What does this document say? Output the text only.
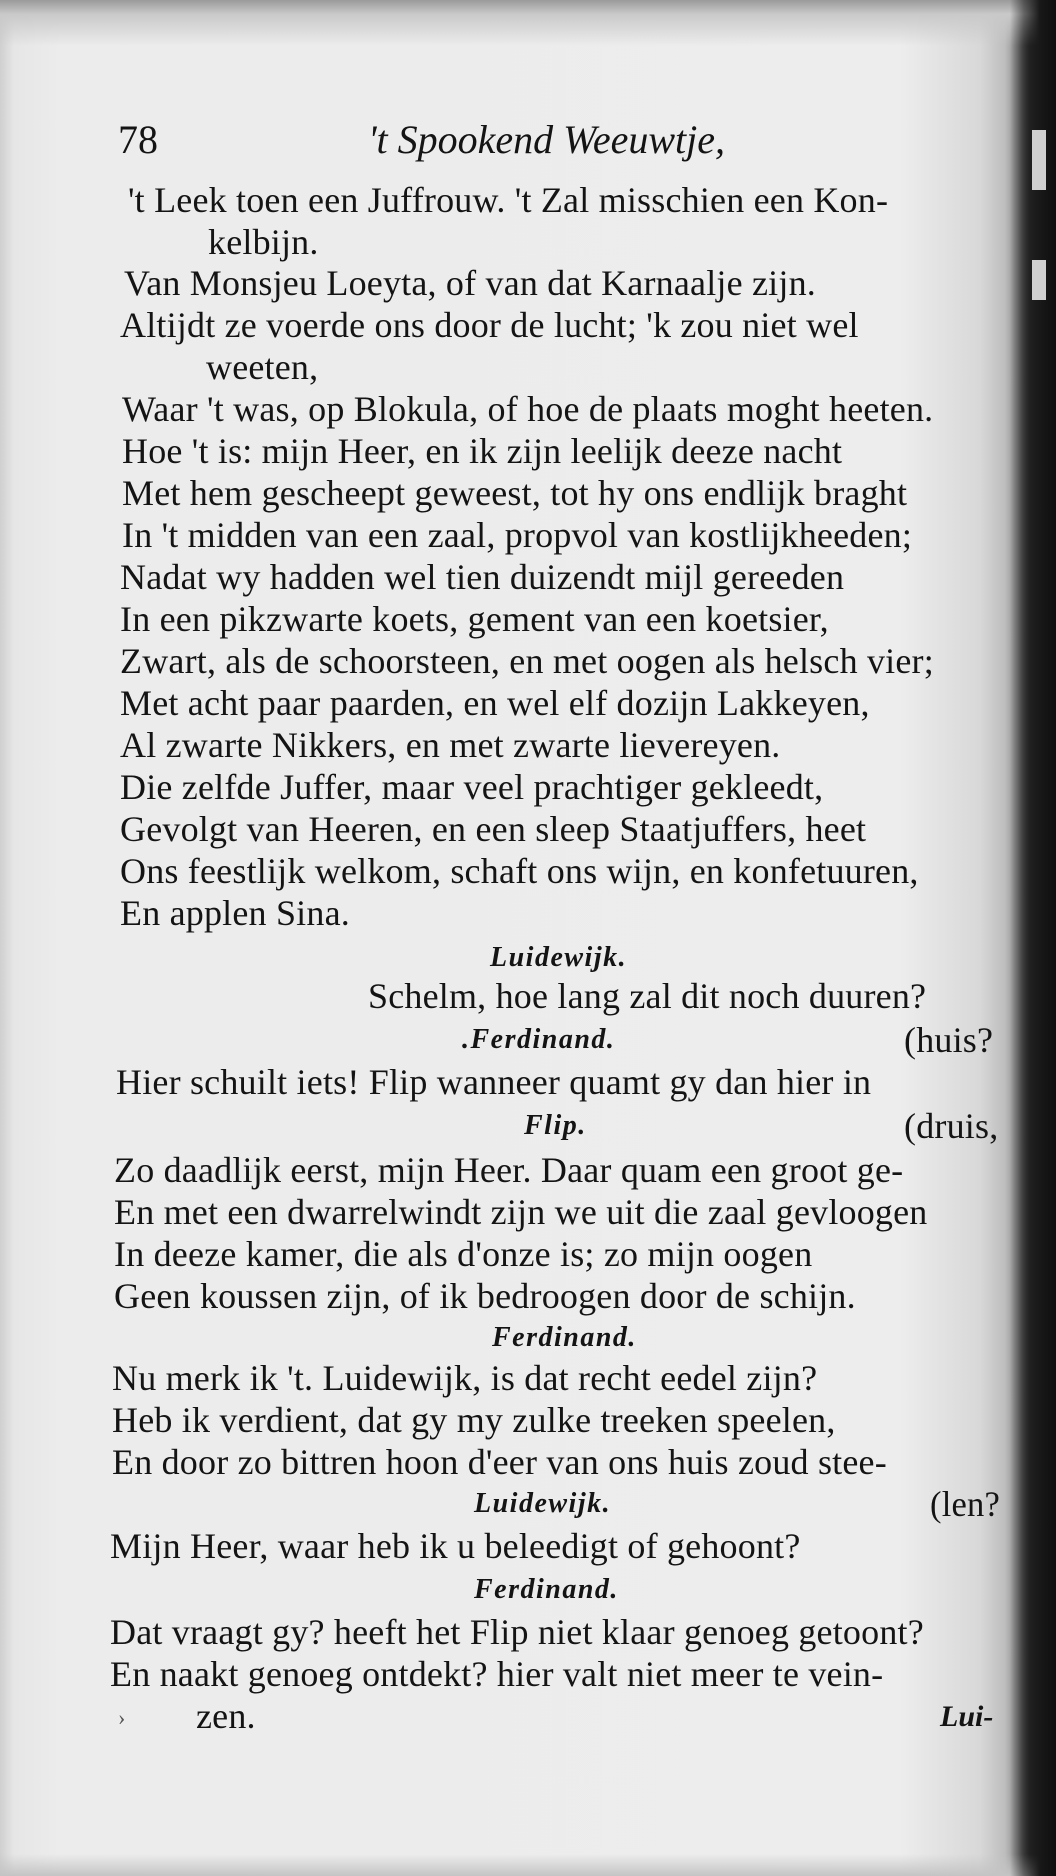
78	't Spookend Weeuwtje,
't Leek toen een Juffrouw. 't Zal misschien een Kon-
kelbijn.
Van Monsjeu Loeyta, of van dat Karnaalje zijn.
Altijdt ze voerde ons door de lucht; 'k zou niet wel
weeten,
Waar 't was, op Blokula, of hoe de plaats moght heeten.
Hoe 't is: mijn Heer, en ik zijn leelijk deeze nacht
Met hem gescheept geweest, tot hy ons endlijk braght
In 't midden van een zaal, propvol van kostlijkheeden;
Nadat wy hadden wel tien duizendt mijl gereeden
In een pikzwarte koets, gement van een koetsier,
Zwart, als de schoorsteen, en met oogen als helsch vier;
Met acht paar paarden, en wel elf dozijn Lakkeyen,
Al zwarte Nikkers, en met zwarte lievereyen.
Die zelfde Juffer, maar veel prachtiger gekleedt,
Gevolgt van Heeren, en een sleep Staatjuffers, heet
Ons feestlijk welkom, schaft ons wijn, en konfetuuren,
En applen Sina.
Luidewijk.
Schelm, hoe lang zal dit noch duuren?
.Ferdinand.	(huis?
Hier schuilt iets! Flip wanneer quamt gy dan hier in
Flip.	(druis,
Zo daadlijk eerst, mijn Heer. Daar quam een groot ge-
En met een dwarrelwindt zijn we uit die zaal gevloogen
In deeze kamer, die als d'onze is; zo mijn oogen
Geen koussen zijn, of ik bedroogen door de schijn.
Ferdinand.
Nu merk ik 't. Luidewijk, is dat recht eedel zijn?
Heb ik verdient, dat gy my zulke treeken speelen,
En door zo bittren hoon d'eer van ons huis zoud stee-
Luidewijk.	(len?
Mijn Heer, waar heb ik u beleedigt of gehoont?
Ferdinand.
Dat vraagt gy? heeft het Flip niet klaar genoeg getoont?
En naakt genoeg ontdekt? hier valt niet meer te vein-
zen.	Lui-
›
